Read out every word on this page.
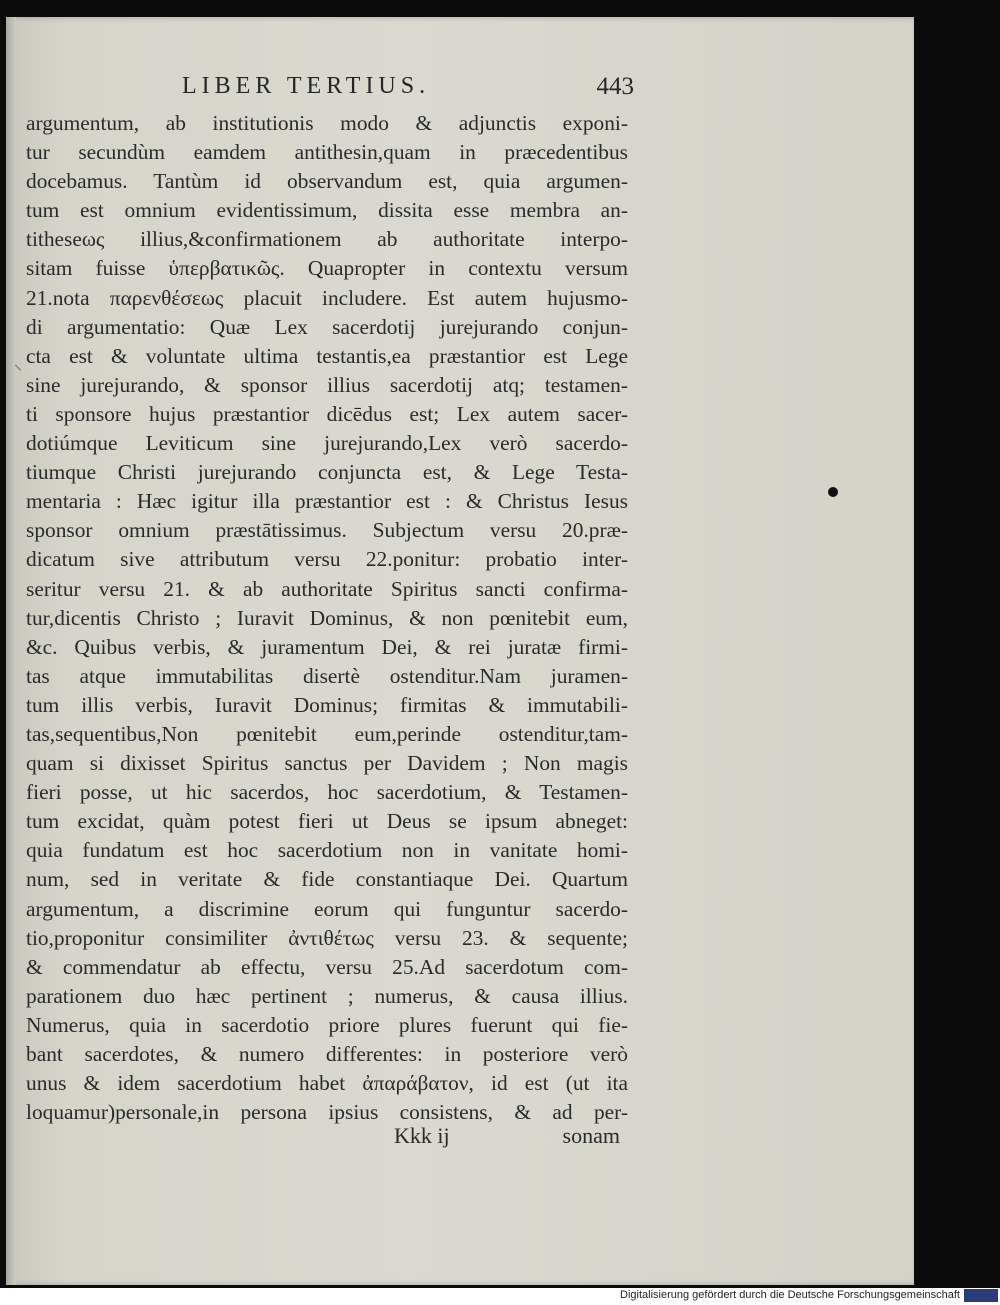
LIBER TERTIUS.	443
⸌
argumentum, ab institutionis modo & adjunctis exponi-
tur secundùm eamdem antithesin,quam in præcedentibus
docebamus. Tantùm id observandum est, quia argumen-
tum est omnium evidentissimum, dissita esse membra an-
tithese⁠ως illius,&confirmationem ab authoritate interpo-
sitam fuisse ὑπερβατικῶς. Quapropter in contextu versum
21.nota παρενθέσεως placuit includere. Est autem hujusmo-
di argumentatio: Quæ Lex sacerdotij jurejurando conjun-
cta est & voluntate ultima testantis,ea præstantior est Lege
sine jurejurando, & sponsor illius sacerdotij atq; testamen-
ti sponsore hujus præstantior dicēdus est; Lex autem sacer-
dotiúmque Leviticum sine jurejurando,Lex verò sacerdo-
tiumque Christi jurejurando conjuncta est, & Lege Testa-
mentaria : Hæc igitur illa præstantior est : & Christus Iesus
sponsor omnium præstātissimus. Subjectum versu 20.præ-
dicatum sive attributum versu 22.ponitur: probatio inter-
seritur versu 21. & ab authoritate Spiritus sancti confirma-
tur,dicentis Christo ; Iuravit Dominus, & non pœnitebit eum,
&c. Quibus verbis, & juramentum Dei, & rei juratæ firmi-
tas atque immutabilitas disertè ostenditur.Nam juramen-
tum illis verbis, Iuravit Dominus; firmitas & immutabili-
tas,sequentibus,Non pœnitebit eum,perinde ostenditur,tam-
quam si dixisset Spiritus sanctus per Davidem ; Non magis
fieri posse, ut hic sacerdos, hoc sacerdotium, & Testamen-
tum excidat, quàm potest fieri ut Deus se ipsum abneget:
quia fundatum est hoc sacerdotium non in vanitate homi-
num, sed in veritate & fide constantiaque Dei. Quartum
argumentum, a discrimine eorum qui funguntur sacerdo-
tio,proponitur consimiliter ἀντιθέτως versu 23. & sequente;
& commendatur ab effectu, versu 25.Ad sacerdotum com-
parationem duo hæc pertinent ; numerus, & causa illius.
Numerus, quia in sacerdotio priore plures fuerunt qui fie-
bant sacerdotes, & numero differentes: in posteriore verò
unus & idem sacerdotium habet ἀπαράβατον, id est (ut ita
loquamur)personale,in persona ipsius consistens, & ad per-
Kkk ij	sonam
Digitalisierung gefördert durch die Deutsche Forschungsgemeinschaft
